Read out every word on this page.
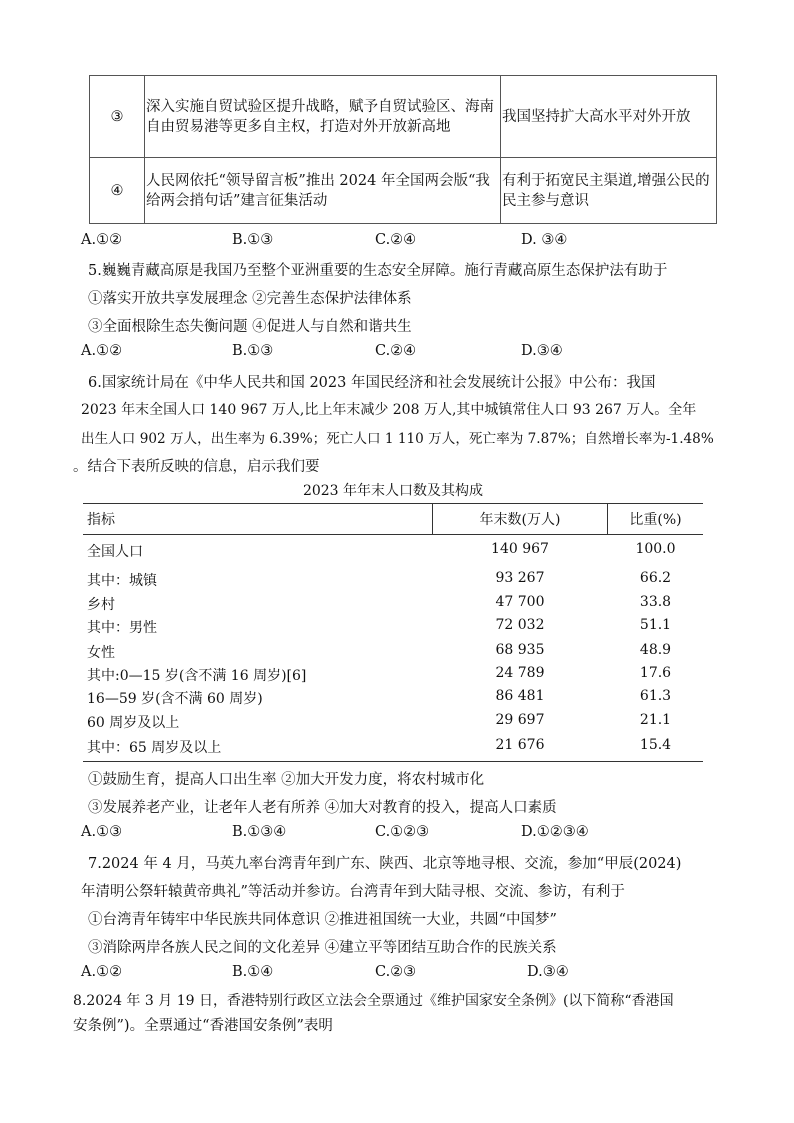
③	深入实施自贸试验区提升战略，赋予自贸试验区、海南自由贸易港等更多自主权，打造对外开放新高地	我国坚持扩大高水平对外开放
④	人民网依托“领导留言板”推出 2024 年全国两会版“我给两会捎句话”建言征集活动	有利于拓宽民主渠道,增强公民的民主参与意识
A.①②	B.①③	C.②④	D. ③④
5.巍巍青藏高原是我国乃至整个亚洲重要的生态安全屏障。施行青藏高原生态保护法有助于
①落实开放共享发展理念 ②完善生态保护法律体系
③全面根除生态失衡问题 ④促进人与自然和谐共生
A.①②	B.①③	C.②④	D.③④
6.国家统计局在《中华人民共和国 2023 年国民经济和社会发展统计公报》中公布：我国
2023 年末全国人口 140 967 万人,比上年末减少 208 万人,其中城镇常住人口 93 267 万人。全年
出生人口 902 万人，出生率为 6.39%；死亡人口 1 110 万人，死亡率为 7.87%；自然增长率为-1.48%
。结合下表所反映的信息，启示我们要
2023 年年末人口数及其构成
指标	年末数(万人)	比重(%)
全国人口	140 967	100.0
其中：城镇	93 267	66.2
乡村	47 700	33.8
其中：男性	72 032	51.1
女性	68 935	48.9
其中:0—15 岁(含不满 16 周岁)[6]	24 789	17.6
16—59 岁(含不满 60 周岁)	86 481	61.3
60 周岁及以上	29 697	21.1
其中：65 周岁及以上	21 676	15.4
①鼓励生育，提高人口出生率 ②加大开发力度，将农村城市化
③发展养老产业，让老年人老有所养 ④加大对教育的投入，提高人口素质
A.①③	B.①③④	C.①②③	D.①②③④
7.2024 年 4 月，马英九率台湾青年到广东、陕西、北京等地寻根、交流，参加“甲辰(2024)
年清明公祭轩辕黄帝典礼”等活动并参访。台湾青年到大陆寻根、交流、参访，有利于
①台湾青年铸牢中华民族共同体意识 ②推进祖国统一大业，共圆“中国梦”
③消除两岸各族人民之间的文化差异 ④建立平等团结互助合作的民族关系
A.①②	B.①④	C.②③	D.③④
8.2024 年 3 月 19 日，香港特别行政区立法会全票通过《维护国家安全条例》(以下简称“香港国
安条例”)。全票通过“香港国安条例”表明
